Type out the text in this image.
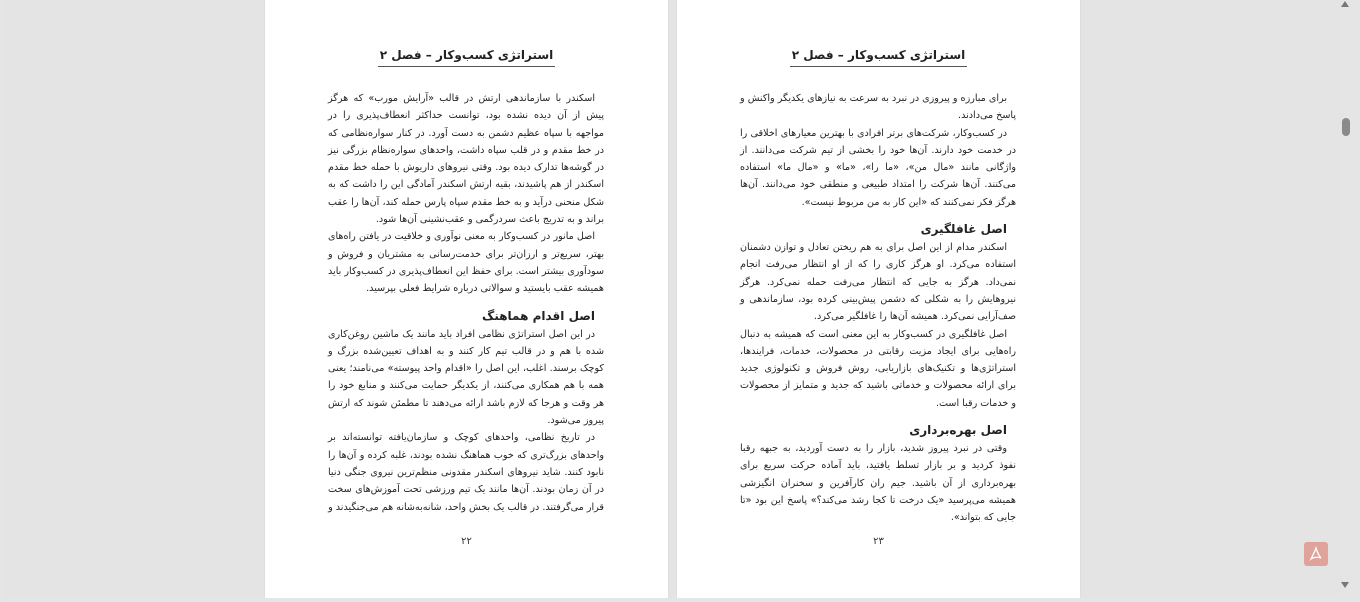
استراتژی کسب‌وکار – فصل ۲

اسکندر با سازماندهی ارتش در قالب «آرایش مورب» که هرگز پیش از آن دیده نشده بود، توانست حداکثر انعطاف‌پذیری را در مواجهه با سپاه عظیم دشمن به دست آورد. در کنار سواره‌نظامی که در خط مقدم و در قلب سپاه داشت، واحدهای سواره‌نظام بزرگی نیز در گوشه‌ها تدارک دیده بود. وقتی نیروهای داریوش با حمله خط مقدم اسکندر از هم پاشیدند، بقیه ارتش اسکندر آمادگی این را داشت که به شکل منحنی درآید و به خط مقدم سپاه پارس حمله کند، آن‌ها را عقب براند و به تدریج باعث سردرگمی و عقب‌نشینی آن‌ها شود.

اصل مانور در کسب‌وکار به معنی نوآوری و خلاقیت در یافتن راه‌های بهتر، سریع‌تر و ارزان‌تر برای خدمت‌رسانی به مشتریان و فروش و سودآوری بیشتر است. برای حفظ این انعطاف‌پذیری در کسب‌وکار باید همیشه عقب بایستید و سوالاتی درباره شرایط فعلی بپرسید.

اصل اقدام هماهنگ

در این اصل استراتژی نظامی افراد باید مانند یک ماشین روغن‌کاری شده با هم و در قالب تیم کار کنند و به اهداف تعیین‌شده بزرگ و کوچک برسند. اغلب، این اصل را «اقدام واحد پیوسته» می‌نامند؛ یعنی همه با هم همکاری می‌کنند، از یکدیگر حمایت می‌کنند و منابع خود را هر وقت و هرجا که لازم باشد ارائه می‌دهند تا مطمئن شوند که ارتش پیروز می‌شود.

در تاریخ نظامی، واحدهای کوچک و سازمان‌یافته توانسته‌اند بر واحدهای بزرگ‌تری که خوب هماهنگ نشده بودند، غلبه کرده و آن‌ها را نابود کنند. شاید نیروهای اسکندر مقدونی منظم‌ترین نیروی جنگی دنیا در آن زمان بودند. آن‌ها مانند یک تیم ورزشی تحت آموزش‌های سخت قرار می‌گرفتند. در قالب یک بخش واحد، شانه‌به‌شانه هم می‌جنگیدند و

۲۲
استراتژی کسب‌وکار – فصل ۲

برای مبارزه و پیروزی در نبرد به سرعت به نیازهای یکدیگر واکنش و پاسخ می‌دادند.

در کسب‌وکار، شرکت‌های برتر افرادی با بهترین معیارهای اخلاقی را در خدمت خود دارند. آن‌ها خود را بخشی از تیم شرکت می‌دانند. از واژگانی مانند «مال من»، «ما را»، «ما» و «مال ما» استفاده می‌کنند. آن‌ها شرکت را امتداد طبیعی و منطقی خود می‌دانند. آن‌ها هرگز فکر نمی‌کنند که «این کار به من مربوط نیست».

اصل غافلگیری

اسکندر مدام از این اصل برای به هم ریختن تعادل و توازن دشمنان استفاده می‌کرد. او هرگز کاری را که از او انتظار می‌رفت انجام نمی‌داد. هرگز به جایی که انتظار می‌رفت حمله نمی‌کرد. هرگز نیروهایش را به شکلی که دشمن پیش‌بینی کرده بود، سازماندهی و صف‌آرایی نمی‌کرد. همیشه آن‌ها را غافلگیر می‌کرد.

اصل غافلگیری در کسب‌وکار به این معنی است که همیشه به دنبال راه‌هایی برای ایجاد مزیت رقابتی در محصولات، خدمات، فرایندها، استراتژی‌ها و تکنیک‌های بازاریابی، روش فروش و تکنولوژی جدید برای ارائه محصولات و خدماتی باشید که جدید و متمایز از محصولات و خدمات رقبا است.

اصل بهره‌برداری

وقتی در نبرد پیروز شدید، بازار را به دست آوردید، به جبهه رقبا نفوذ کردید و بر بازار تسلط یافتید، باید آماده حرکت سریع برای بهره‌برداری از آن باشید. جیم ران کارآفرین و سخنران انگیزشی همیشه می‌پرسید «یک درخت تا کجا رشد می‌کند؟» پاسخ این بود «تا جایی که بتواند».

۲۳
